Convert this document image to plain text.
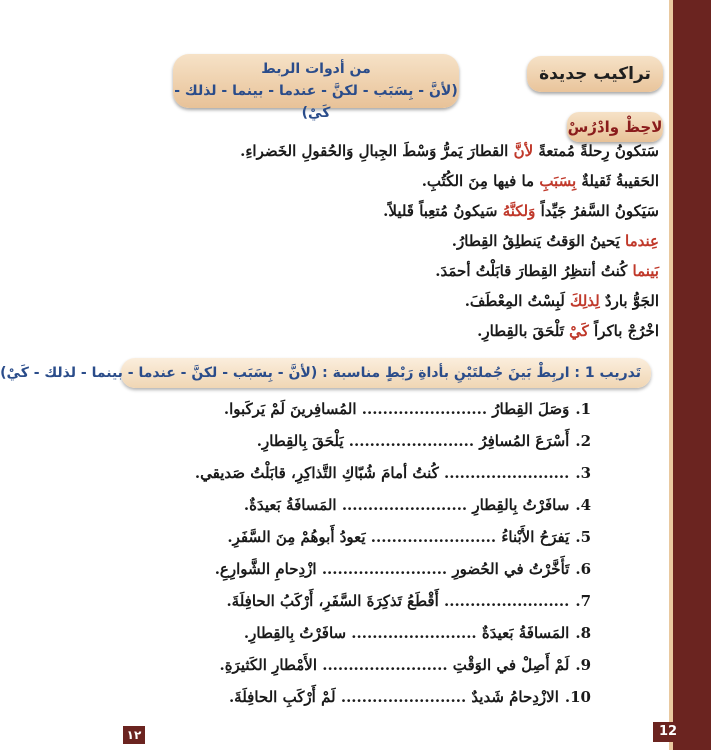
تراكيب جديدة
من أدوات الربط
(لأنَّ - بِسَبَب - لكنَّ - عندما - بينما - لذلك - كَيْ)
لاحِظْ وادْرُسْ
سَتكونُ رِحلةً مُمتعةً لأنَّ القطارَ يَمرُّ وَسْطَ الجِبالِ وَالحُقولِ الخَضراءِ.
الحَقيبةُ ثَقيلةٌ بِسَبَبِ ما فيها مِنَ الكُتُبِ.
سَيَكونُ السَّفرُ جَيِّداً وَلكنَّهُ سَيكونُ مُتعِباً قَليلاً.
عِندما يَحينُ الوَقتُ يَنطلِقُ القِطارُ.
بَينما كُنتُ أنتظِرُ القِطارَ قابَلْتُ أحمَدَ.
الجَوُّ باردٌ لِذلِكَ لَبِسْتُ المِعْطَفَ.
اخْرُجْ باكراً كَيْ تَلْحَقَ بالقِطارِ.
تَدريب 1 : اربِطْ بَينَ جُملتَيْنِ بأداةِ رَبْطٍ مناسبة : (لأنَّ - بِسَبَب - لكنَّ - عندما - بينما - لذلك - كَيْ)
1.وَصَلَ القِطارُ ........................ المُسافِرينَ لَمْ يَركَبوا.
2.أَسْرَعَ المُسافِرُ ........................ يَلْحَقَ بِالقِطارِ.
3......................... كُنتُ أمامَ شُبّاكِ التَّذاكِرِ، قابَلْتُ صَديقي.
4.سافَرْتُ بِالقِطارِ ........................ المَسافَةُ بَعيدَةٌ.
5.يَفرَحُ الأَبْناءُ ........................ يَعودُ أَبوهُمْ مِنَ السَّفَرِ.
6.تَأَخَّرْتُ في الحُضورِ ........................ ازْدِحامِ الشَّوارِعِ.
7......................... أَقْطَعُ تَذكِرَةَ السَّفَرِ، أَرْكَبُ الحافِلَةَ.
8.المَسافَةُ بَعيدَةٌ ........................ سافَرْتُ بِالقِطارِ.
9.لَمْ أَصِلْ في الوَقْتِ ........................ الأَمْطارِ الكَثيرَةِ.
10.الازْدِحامُ شَديدٌ ........................ لَمْ أَرْكَبِ الحافِلَةَ.
12
١٢
